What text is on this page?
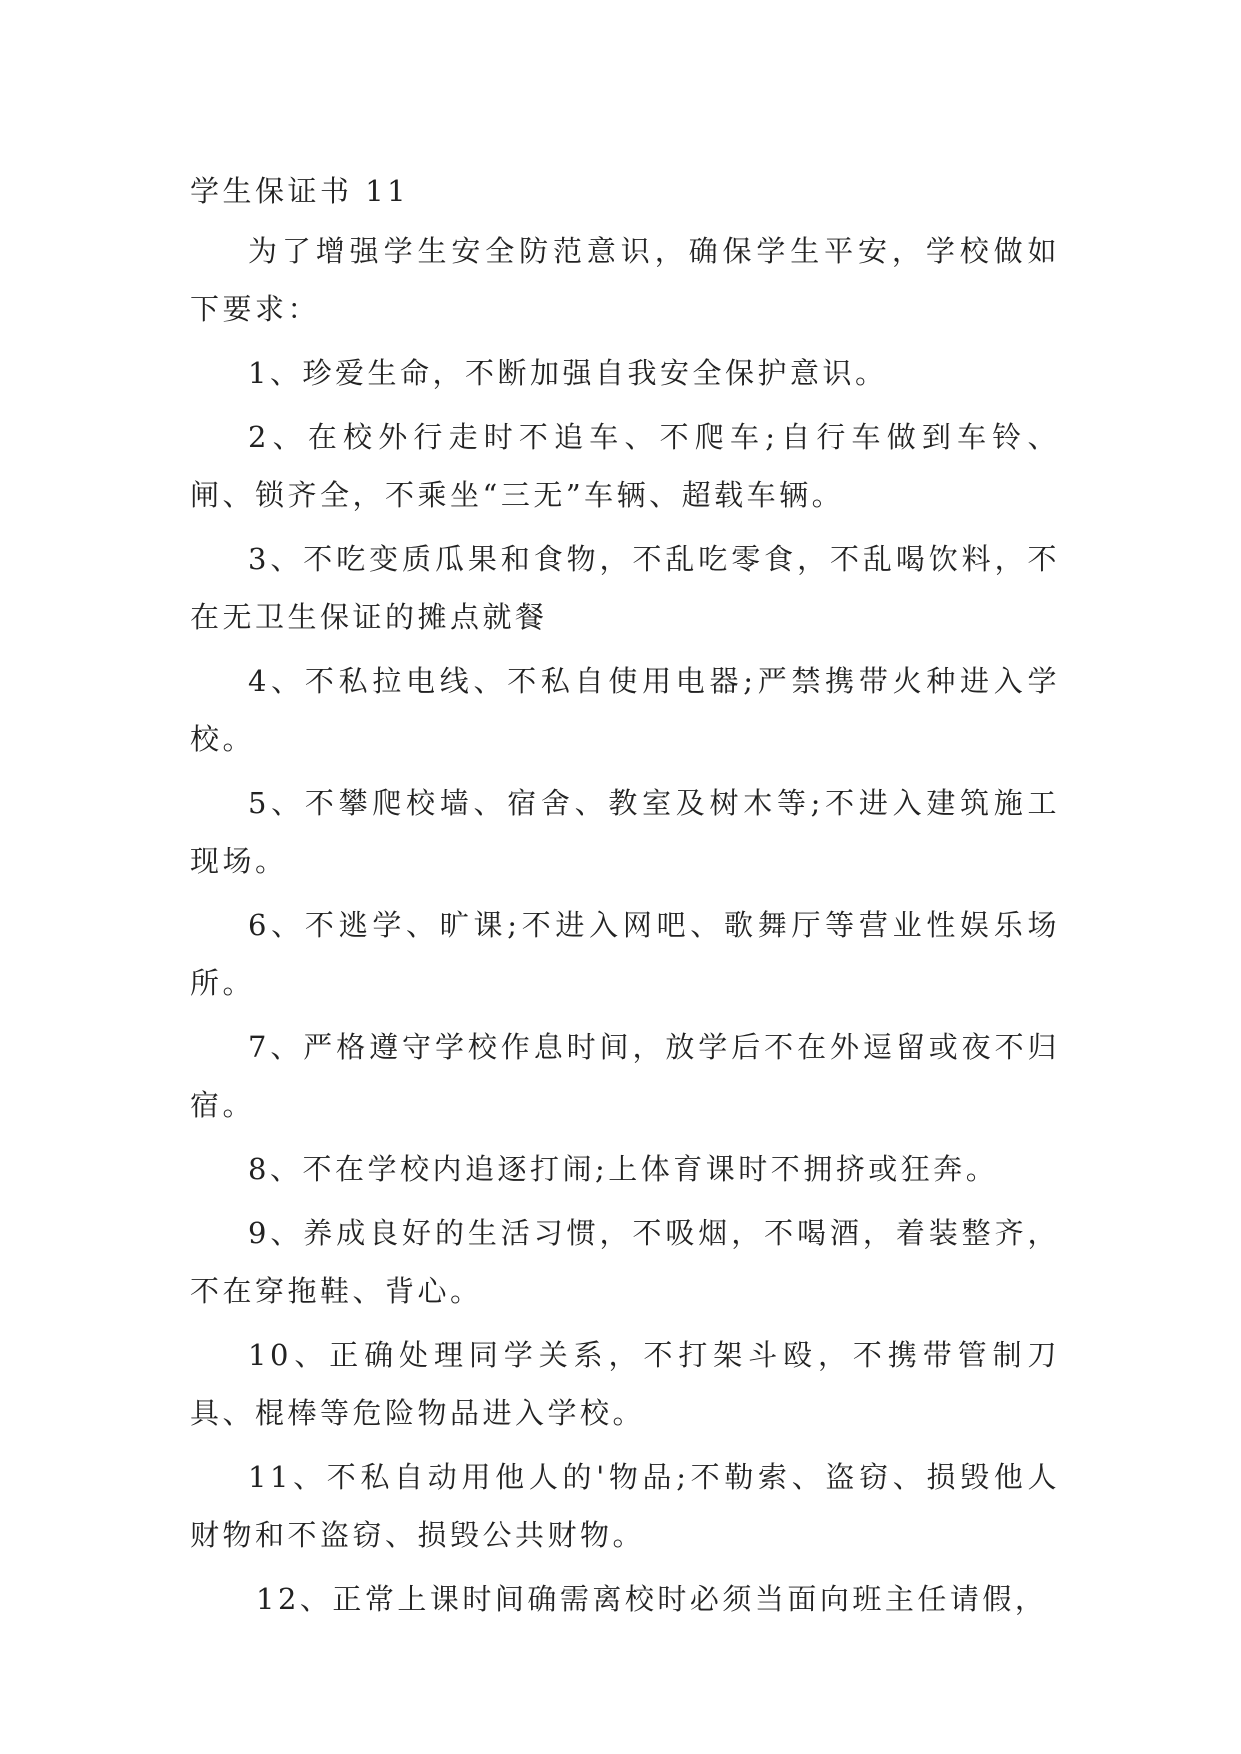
学生保证书 11

为了增强学生安全防范意识，确保学生平安，学校做如下要求：

1、珍爱生命，不断加强自我安全保护意识。

2、在校外行走时不追车、不爬车;自行车做到车铃、闸、锁齐全，不乘坐“三无”车辆、超载车辆。

3、不吃变质瓜果和食物，不乱吃零食，不乱喝饮料，不在无卫生保证的摊点就餐

4、不私拉电线、不私自使用电器;严禁携带火种进入学校。

5、不攀爬校墙、宿舍、教室及树木等;不进入建筑施工现场。

6、不逃学、旷课;不进入网吧、歌舞厅等营业性娱乐场所。

7、严格遵守学校作息时间，放学后不在外逗留或夜不归宿。

8、不在学校内追逐打闹;上体育课时不拥挤或狂奔。

9、养成良好的生活习惯，不吸烟，不喝酒，着装整齐，不在穿拖鞋、背心。

10、正确处理同学关系，不打架斗殴，不携带管制刀具、棍棒等危险物品进入学校。

11、不私自动用他人的'物品;不勒索、盗窃、损毁他人财物和不盗窃、损毁公共财物。

12、正常上课时间确需离校时必须当面向班主任请假，
